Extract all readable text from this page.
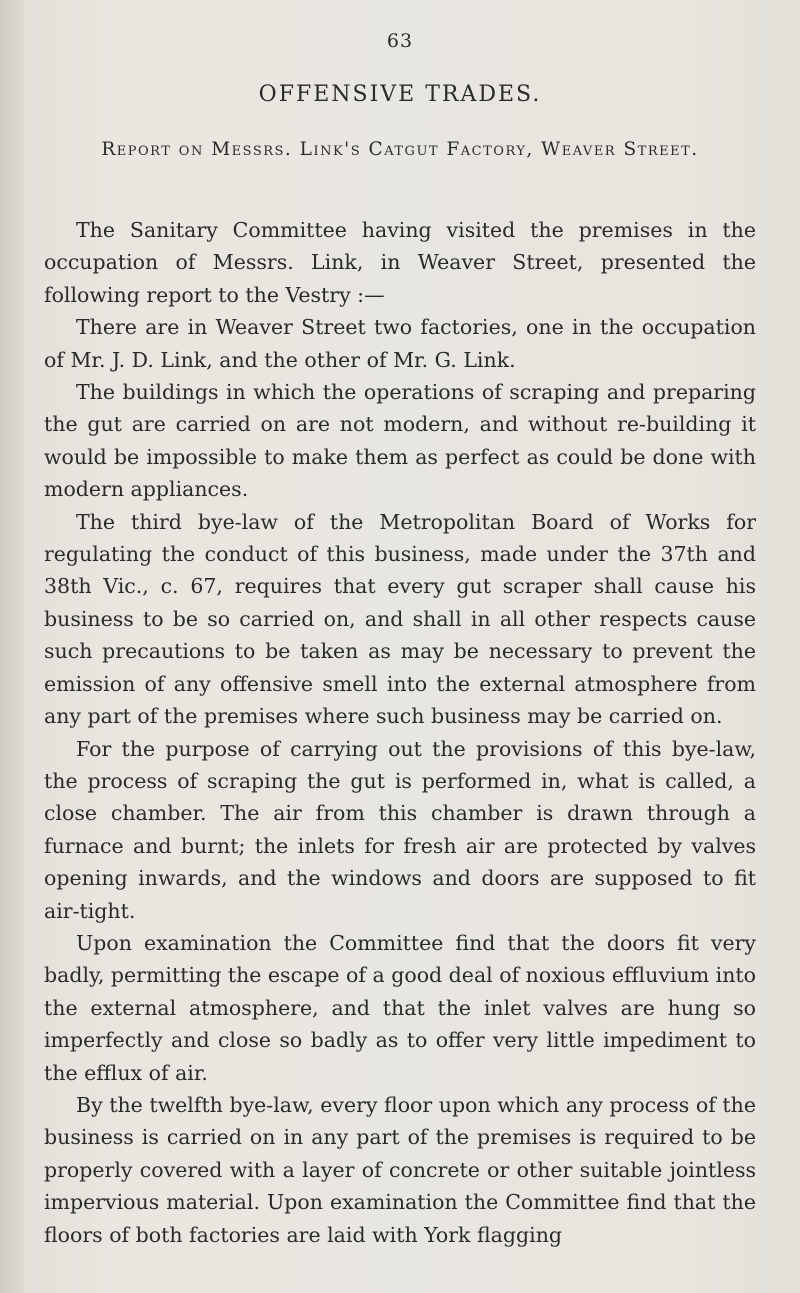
63
OFFENSIVE TRADES.
Report on Messrs. Link's Catgut Factory, Weaver Street.

The Sanitary Committee having visited the premises in the occupation of Messrs. Link, in Weaver Street, presented the following report to the Vestry :—

There are in Weaver Street two factories, one in the occupation of Mr. J. D. Link, and the other of Mr. G. Link.

The buildings in which the operations of scraping and preparing the gut are carried on are not modern, and without re-building it would be impossible to make them as perfect as could be done with modern appliances.

The third bye-law of the Metropolitan Board of Works for regulating the conduct of this business, made under the 37th and 38th Vic., c. 67, requires that every gut scraper shall cause his business to be so carried on, and shall in all other respects cause such precautions to be taken as may be necessary to prevent the emission of any offensive smell into the external atmosphere from any part of the premises where such business may be carried on.

For the purpose of carrying out the provisions of this bye-law, the process of scraping the gut is performed in, what is called, a close chamber. The air from this chamber is drawn through a furnace and burnt; the inlets for fresh air are protected by valves opening inwards, and the windows and doors are supposed to fit air-tight.

Upon examination the Committee find that the doors fit very badly, permitting the escape of a good deal of noxious effluvium into the external atmosphere, and that the inlet valves are hung so imperfectly and close so badly as to offer very little impediment to the efflux of air.

By the twelfth bye-law, every floor upon which any process of the business is carried on in any part of the premises is required to be properly covered with a layer of concrete or other suitable jointless impervious material. Upon examination the Committee find that the floors of both factories are laid with York flagging
